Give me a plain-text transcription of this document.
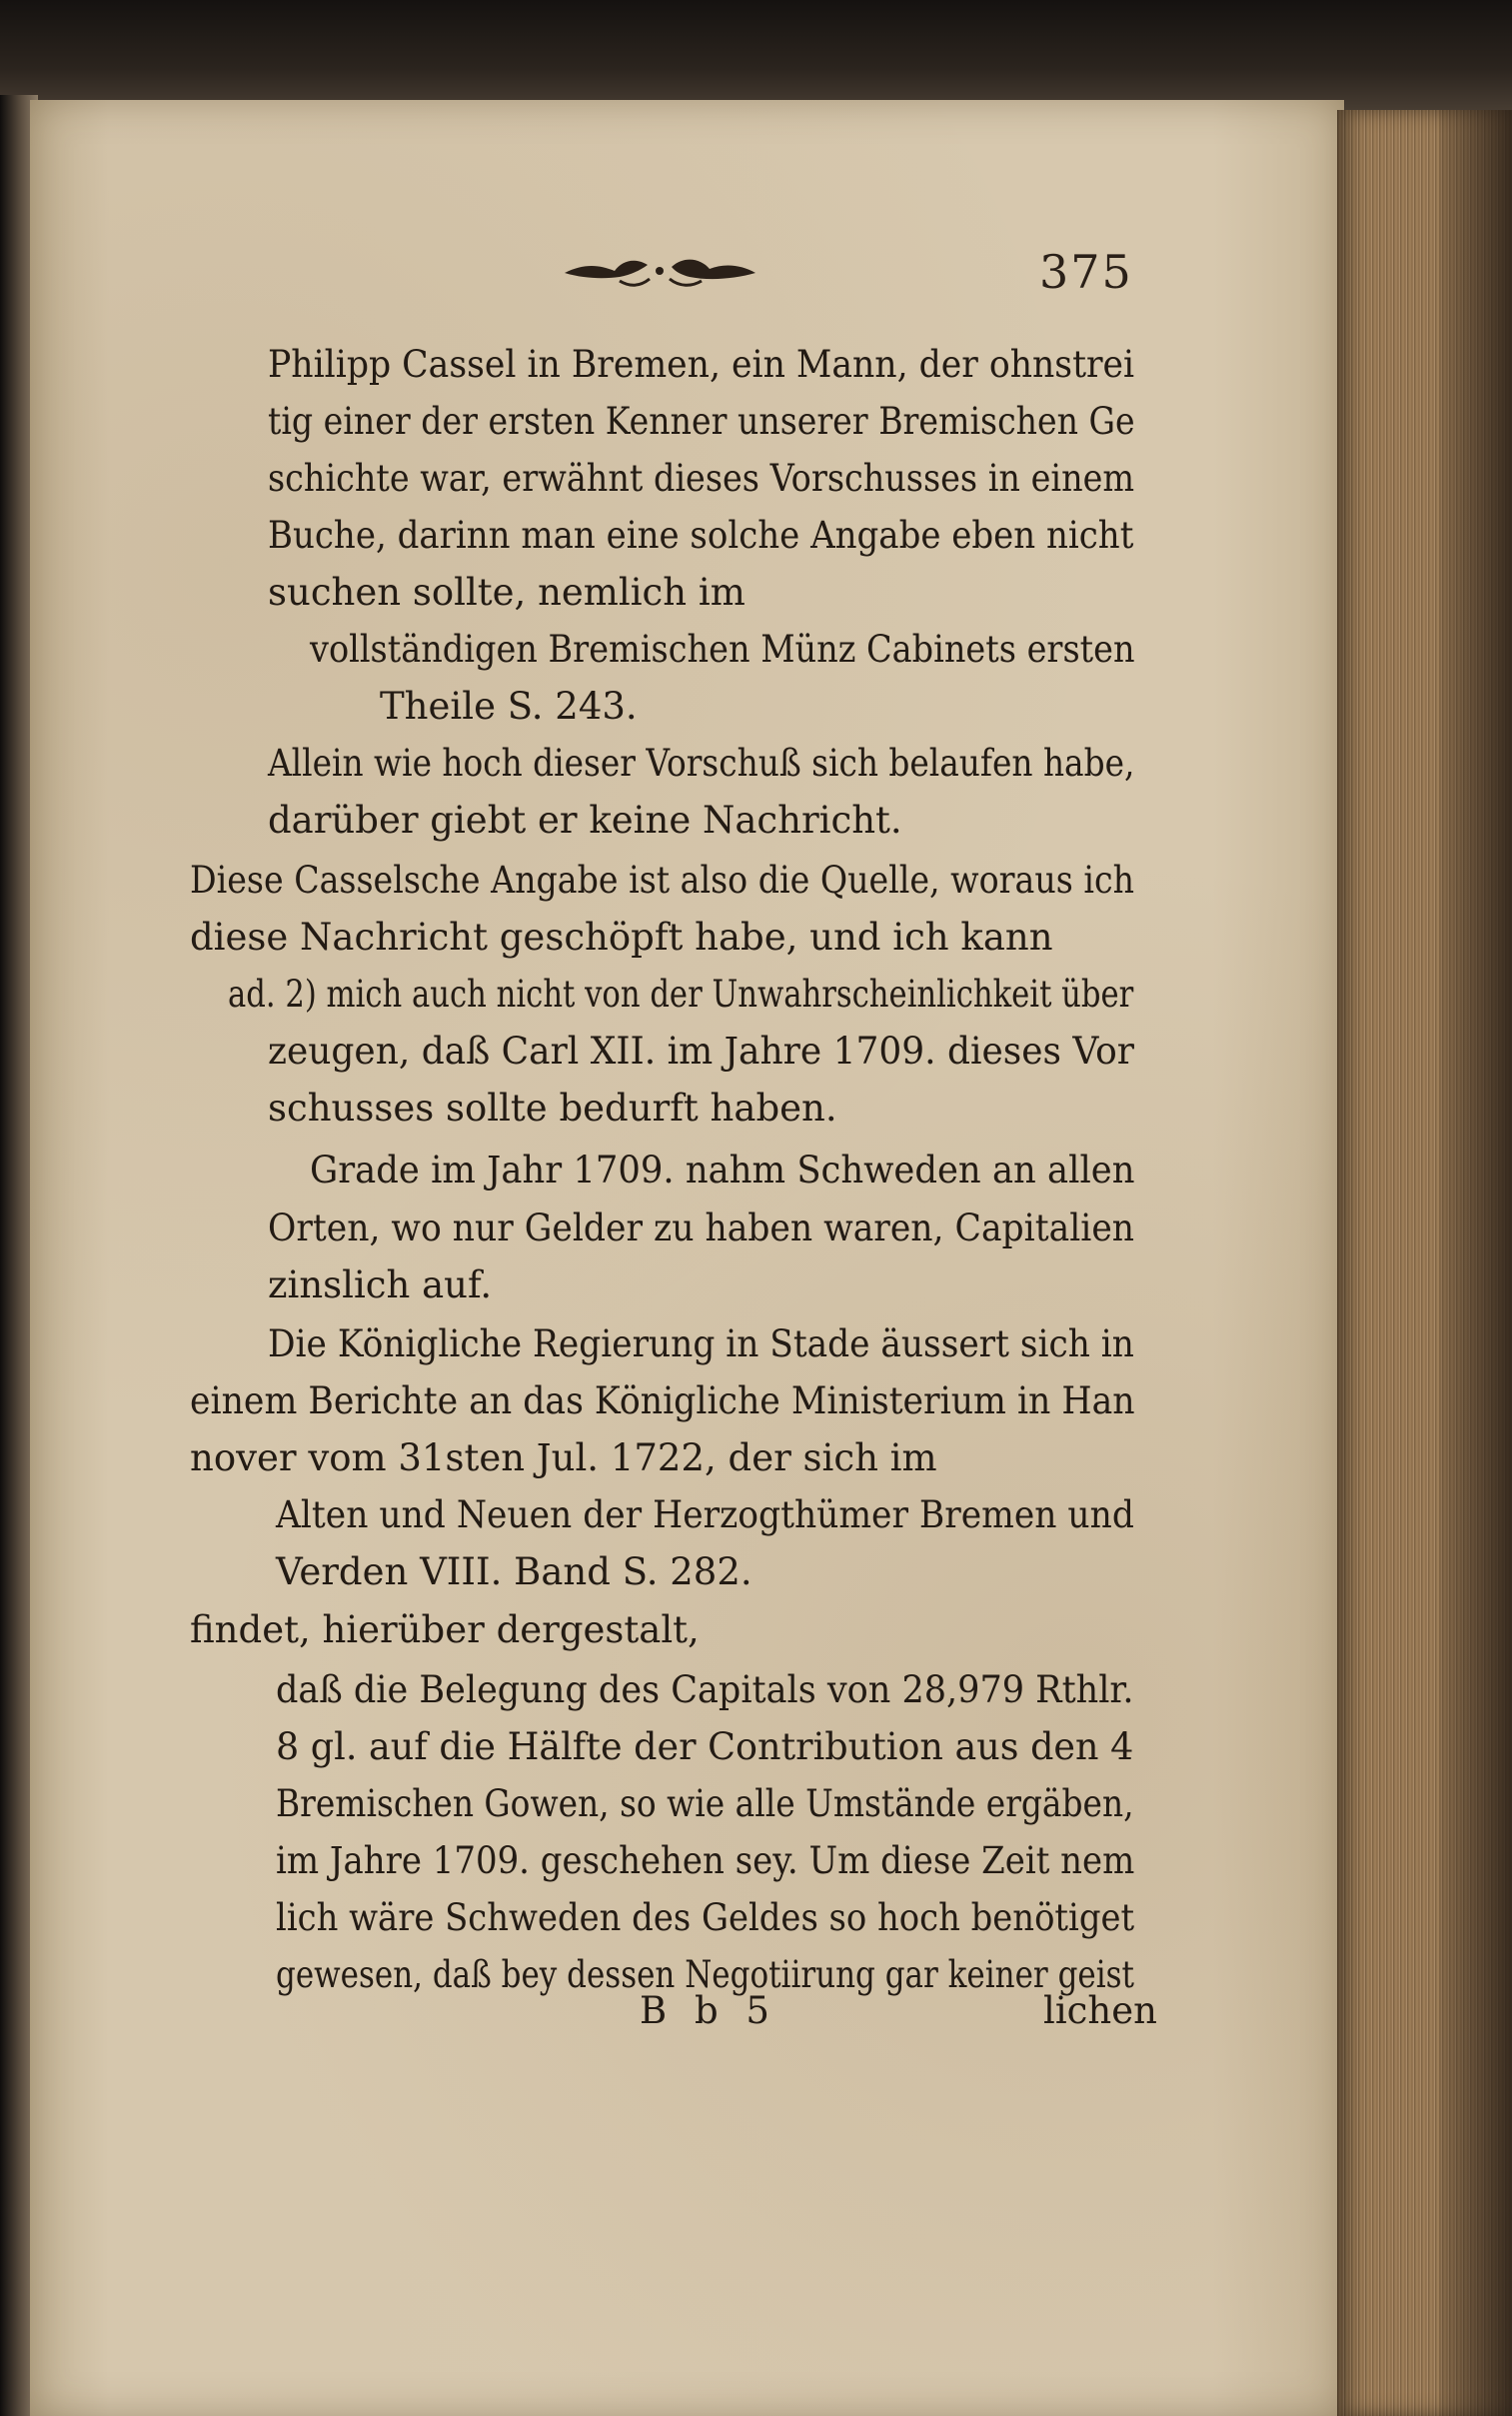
375
Philipp Cassel in Bremen, ein Mann, der ohnstrei
tig einer der ersten Kenner unserer Bremischen Ge
schichte war, erwähnt dieses Vorschusses in einem
Buche, darinn man eine solche Angabe eben nicht
suchen sollte, nemlich im
vollständigen Bremischen Münz Cabinets ersten
Theile S. 243.
Allein wie hoch dieser Vorschuß sich belaufen habe,
darüber giebt er keine Nachricht.
Diese Casselsche Angabe ist also die Quelle, woraus ich
diese Nachricht geschöpft habe, und ich kann
ad. 2) mich auch nicht von der Unwahrscheinlichkeit über
zeugen, daß Carl XII. im Jahre 1709. dieses Vor
schusses sollte bedurft haben.
Grade im Jahr 1709. nahm Schweden an allen
Orten, wo nur Gelder zu haben waren, Capitalien
zinslich auf.
Die Königliche Regierung in Stade äussert sich in
einem Berichte an das Königliche Ministerium in Han
nover vom 31sten Jul. 1722, der sich im
Alten und Neuen der Herzogthümer Bremen und
Verden VIII. Band S. 282.
findet, hierüber dergestalt,
daß die Belegung des Capitals von 28,979 Rthlr.
8 gl. auf die Hälfte der Contribution aus den 4
Bremischen Gowen, so wie alle Umstände ergäben,
im Jahre 1709. geschehen sey. Um diese Zeit nem
lich wäre Schweden des Geldes so hoch benötiget
gewesen, daß bey dessen Negotiirung gar keiner geist
B b 5	lichen
